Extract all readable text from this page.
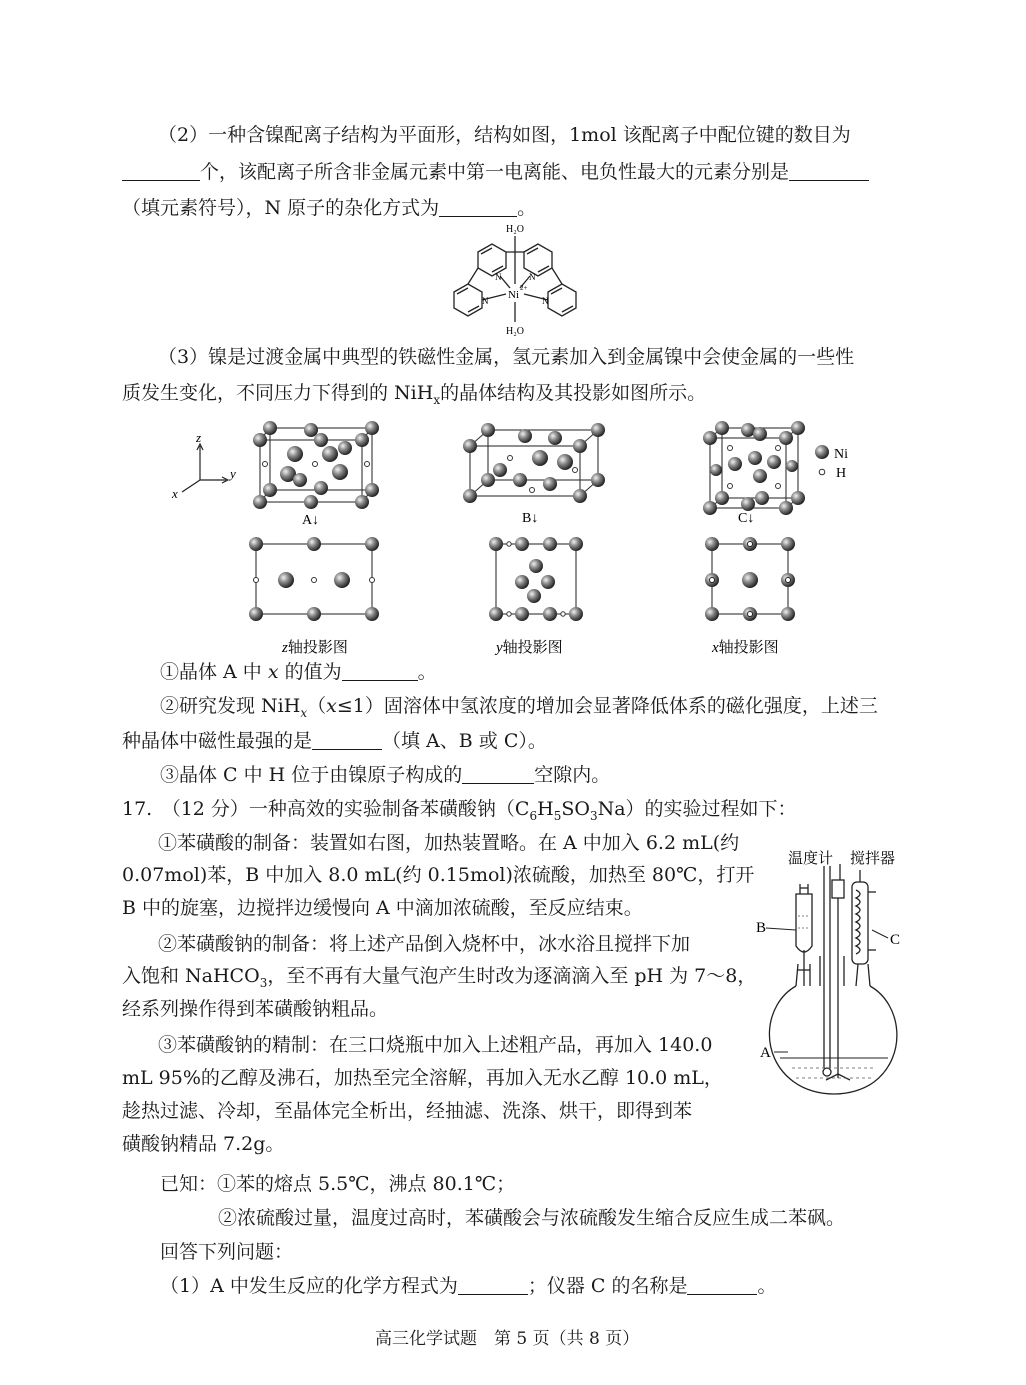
（2）一种含镍配离子结构为平面形，结构如图，1mol 该配离子中配位键的数目为
个，该配离子所含非金属元素中第一电离能、电负性最大的元素分别是
（填元素符号），N 原子的杂化方式为	。
H₂O
H₂O
Ni
2+
N	N
N	N
（3）镍是过渡金属中典型的铁磁性金属，氢元素加入到金属镍中会使金属的一些性
质发生变化，不同压力下得到的 NiH$_x$的晶体结构及其投影如图所示。
z
y
x
Ni
H
A↓	B↓	C↓
z轴投影图	y轴投影图	x轴投影图
①晶体 A 中 x 的值为	。
②研究发现 NiH$_x$（x≤1）固溶体中氢浓度的增加会显著降低体系的磁化强度，上述三
种晶体中磁性最强的是	（填 A、B 或 C）。
③晶体 C 中 H 位于由镍原子构成的	空隙内。
17.　（12 分）一种高效的实验制备苯磺酸钠$(C_6H_5SO_3Na)$的实验过程如下：
①苯磺酸的制备：装置如右图，加热装置略。在 A 中加入 6.2 mL(约
0.07mol)苯，B 中加入 8.0 mL(约 0.15mol)浓硫酸，加热至 80℃，打开
B 中的旋塞，边搅拌边缓慢向 A 中滴加浓硫酸，至反应结束。
②苯磺酸钠的制备：将上述产品倒入烧杯中，冰水浴且搅拌下加
入饱和 NaHCO$_3$，至不再有大量气泡产生时改为逐滴滴入至 pH 为 7～8，
经系列操作得到苯磺酸钠粗品。
③苯磺酸钠的精制：在三口烧瓶中加入上述粗产品，再加入 140.0
mL 95%的乙醇及沸石，加热至完全溶解，再加入无水乙醇 10.0 mL，
趁热过滤、冷却，至晶体完全析出，经抽滤、洗涤、烘干，即得到苯
磺酸钠精品 7.2g。
温度计 搅拌器
B
C
A
已知：①苯的熔点 5.5℃，沸点 80.1℃；
②浓硫酸过量，温度过高时，苯磺酸会与浓硫酸发生缩合反应生成二苯砜。
回答下列问题：
（1）A 中发生反应的化学方程式为	；仪器 C 的名称是	。
高三化学试题　第 5 页（共 8 页）
